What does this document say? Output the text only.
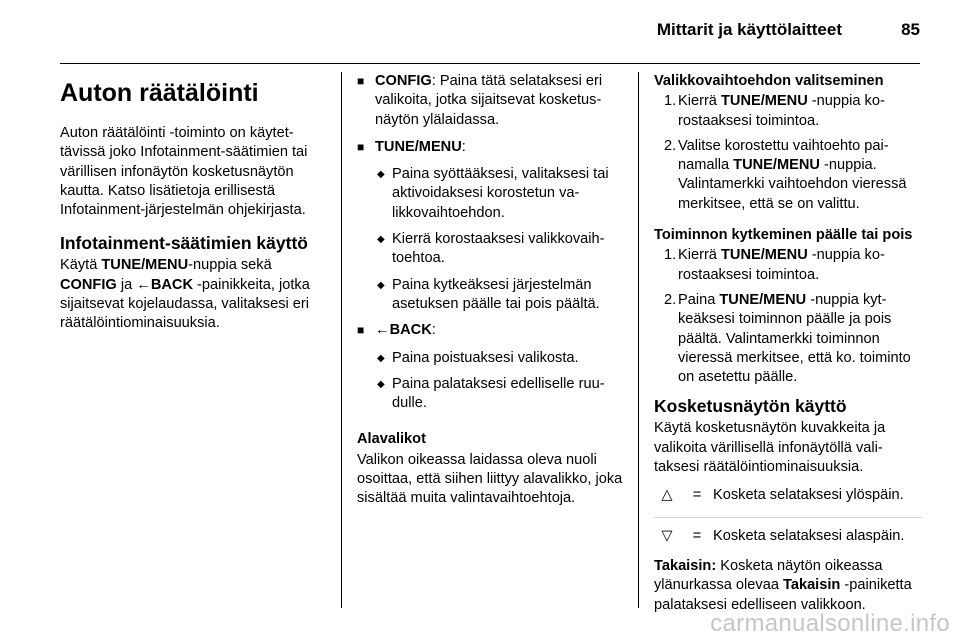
Mittarit ja käyttölaitteet	85
Auton räätälöinti

Auton räätälöinti -toiminto on käytettävissä joko Infotainment-säätimien tai värillisen infonäytön kosketusnäytön kautta. Katso lisätietoja erillisestä Infotainment-järjestelmän ohjekirjasta.

Infotainment-säätimien käyttö

Käytä TUNE/MENU-nuppia sekä CONFIG ja ←BACK -painikkeita, jotka sijaitsevat kojelaudassa, valitaksesi eri räätälöintiominaisuuksia.

■ CONFIG: Paina tätä selataksesi eri valikoita, jotka sijaitsevat kosketusnäytön ylälaidassa.
■ TUNE/MENU:
◆ Paina syöttääksesi, valitaksesi tai aktivoidaksesi korostetun valikkovaihtoehdon.
◆ Kierrä korostaaksesi valikkovaihtoehtoa.
◆ Paina kytkeäksesi järjestelmän asetuksen päälle tai pois päältä.
■ ←BACK:
◆ Paina poistuaksesi valikosta.
◆ Paina palataksesi edelliselle ruudulle.
Alavalikot

Valikon oikeassa laidassa oleva nuoli osoittaa, että siihen liittyy alavalikko, joka sisältää muita valintavaihtoehtoja.

Valikkovaihtoehdon valitseminen
1. Kierrä TUNE/MENU -nuppia korostaaksesi toimintoa.
2. Valitse korostettu vaihtoehto painamalla TUNE/MENU -nuppia. Valintamerkki vaihtoehdon vieressä merkitsee, että se on valittu.
Toiminnon kytkeminen päälle tai pois
1. Kierrä TUNE/MENU -nuppia korostaaksesi toimintoa.
2. Paina TUNE/MENU -nuppia kytkeäksesi toiminnon päälle ja pois päältä. Valintamerkki toiminnon vieressä merkitsee, että ko. toiminto on asetettu päälle.
Kosketusnäytön käyttö

Käytä kosketusnäytön kuvakkeita ja valikoita värillisellä infonäytöllä valitaksesi räätälöintiominaisuuksia.

△	= Kosketa selataksesi ylöspäin.
▽	= Kosketa selataksesi alaspäin.

Takaisin: Kosketa näytön oikeassa ylänurkassa olevaa Takaisin -painiketta palataksesi edelliseen valikkoon.

carmanualsonline.info
